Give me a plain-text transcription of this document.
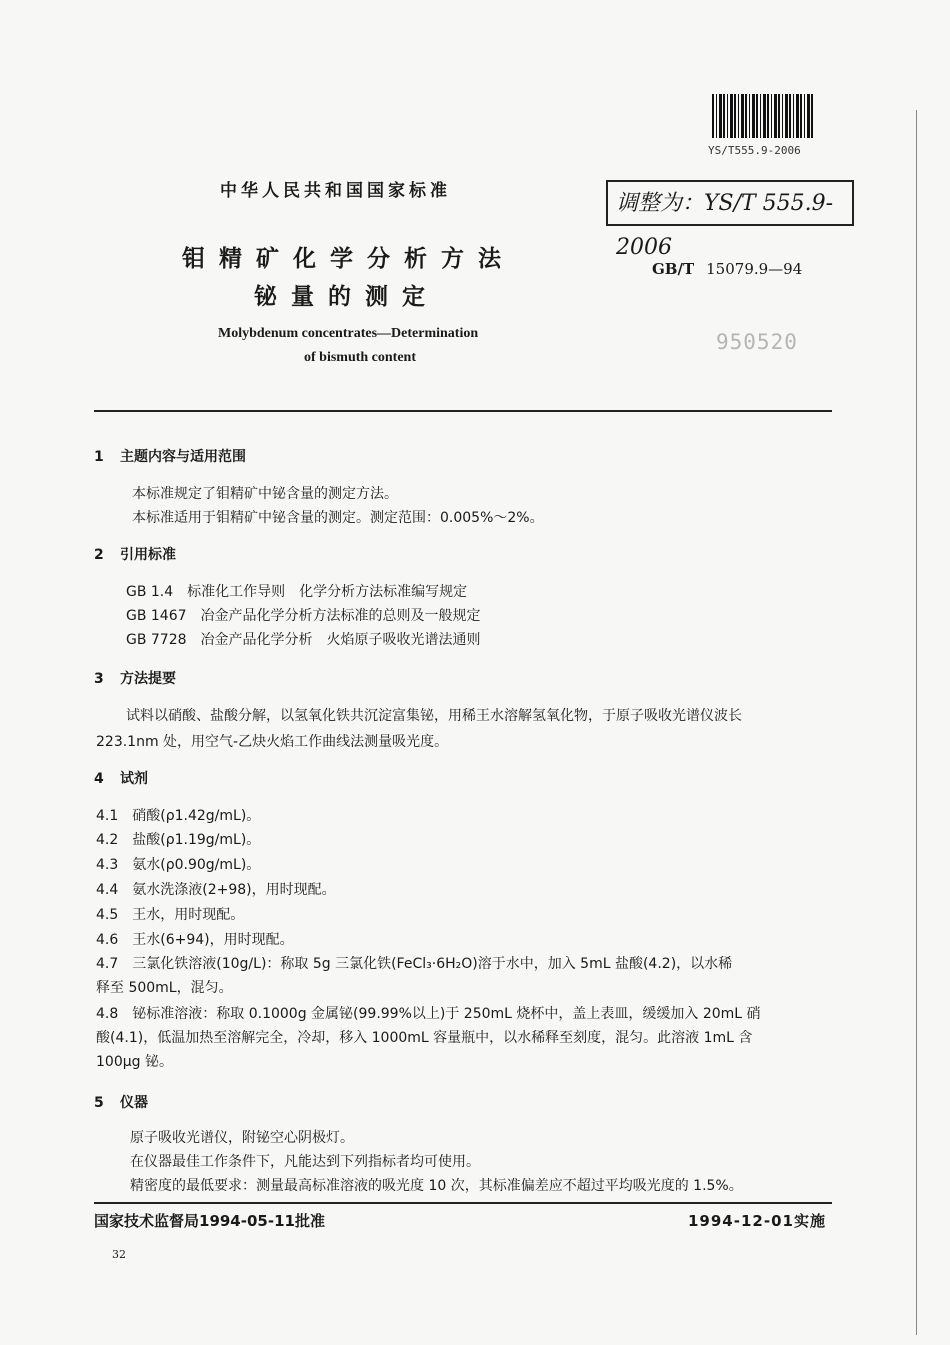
YS/T555.9-2006
中华人民共和国国家标准	调整为：YS/T 555.9-2006
钼精矿化学分析方法
铋量的测定
GB/T 15079.9—94
Molybdenum concentrates—Determination
of bismuth content
950520
1 主题内容与适用范围
本标准规定了钼精矿中铋含量的测定方法。
本标准适用于钼精矿中铋含量的测定。测定范围：0.005%～2%。
2 引用标准
GB 1.4　标准化工作导则　化学分析方法标准编写规定
GB 1467　冶金产品化学分析方法标准的总则及一般规定
GB 7728　冶金产品化学分析　火焰原子吸收光谱法通则
3 方法提要
试料以硝酸、盐酸分解，以氢氧化铁共沉淀富集铋，用稀王水溶解氢氧化物，于原子吸收光谱仪波长
223.1nm 处，用空气-乙炔火焰工作曲线法测量吸光度。
4 试剂
4.1　硝酸(ρ1.42g/mL)。
4.2　盐酸(ρ1.19g/mL)。
4.3　氨水(ρ0.90g/mL)。
4.4　氨水洗涤液(2+98)，用时现配。
4.5　王水，用时现配。
4.6　王水(6+94)，用时现配。
4.7　三氯化铁溶液(10g/L)：称取 5g 三氯化铁(FeCl₃·6H₂O)溶于水中，加入 5mL 盐酸(4.2)，以水稀
释至 500mL，混匀。
4.8　铋标准溶液：称取 0.1000g 金属铋(99.99%以上)于 250mL 烧杯中，盖上表皿，缓缓加入 20mL 硝
酸(4.1)，低温加热至溶解完全，冷却，移入 1000mL 容量瓶中，以水稀释至刻度，混匀。此溶液 1mL 含
100μg 铋。
5 仪器
原子吸收光谱仪，附铋空心阴极灯。
在仪器最佳工作条件下，凡能达到下列指标者均可使用。
精密度的最低要求：测量最高标准溶液的吸光度 10 次，其标准偏差应不超过平均吸光度的 1.5%。
国家技术监督局1994-05-11批准	1994-12-01实施
32
